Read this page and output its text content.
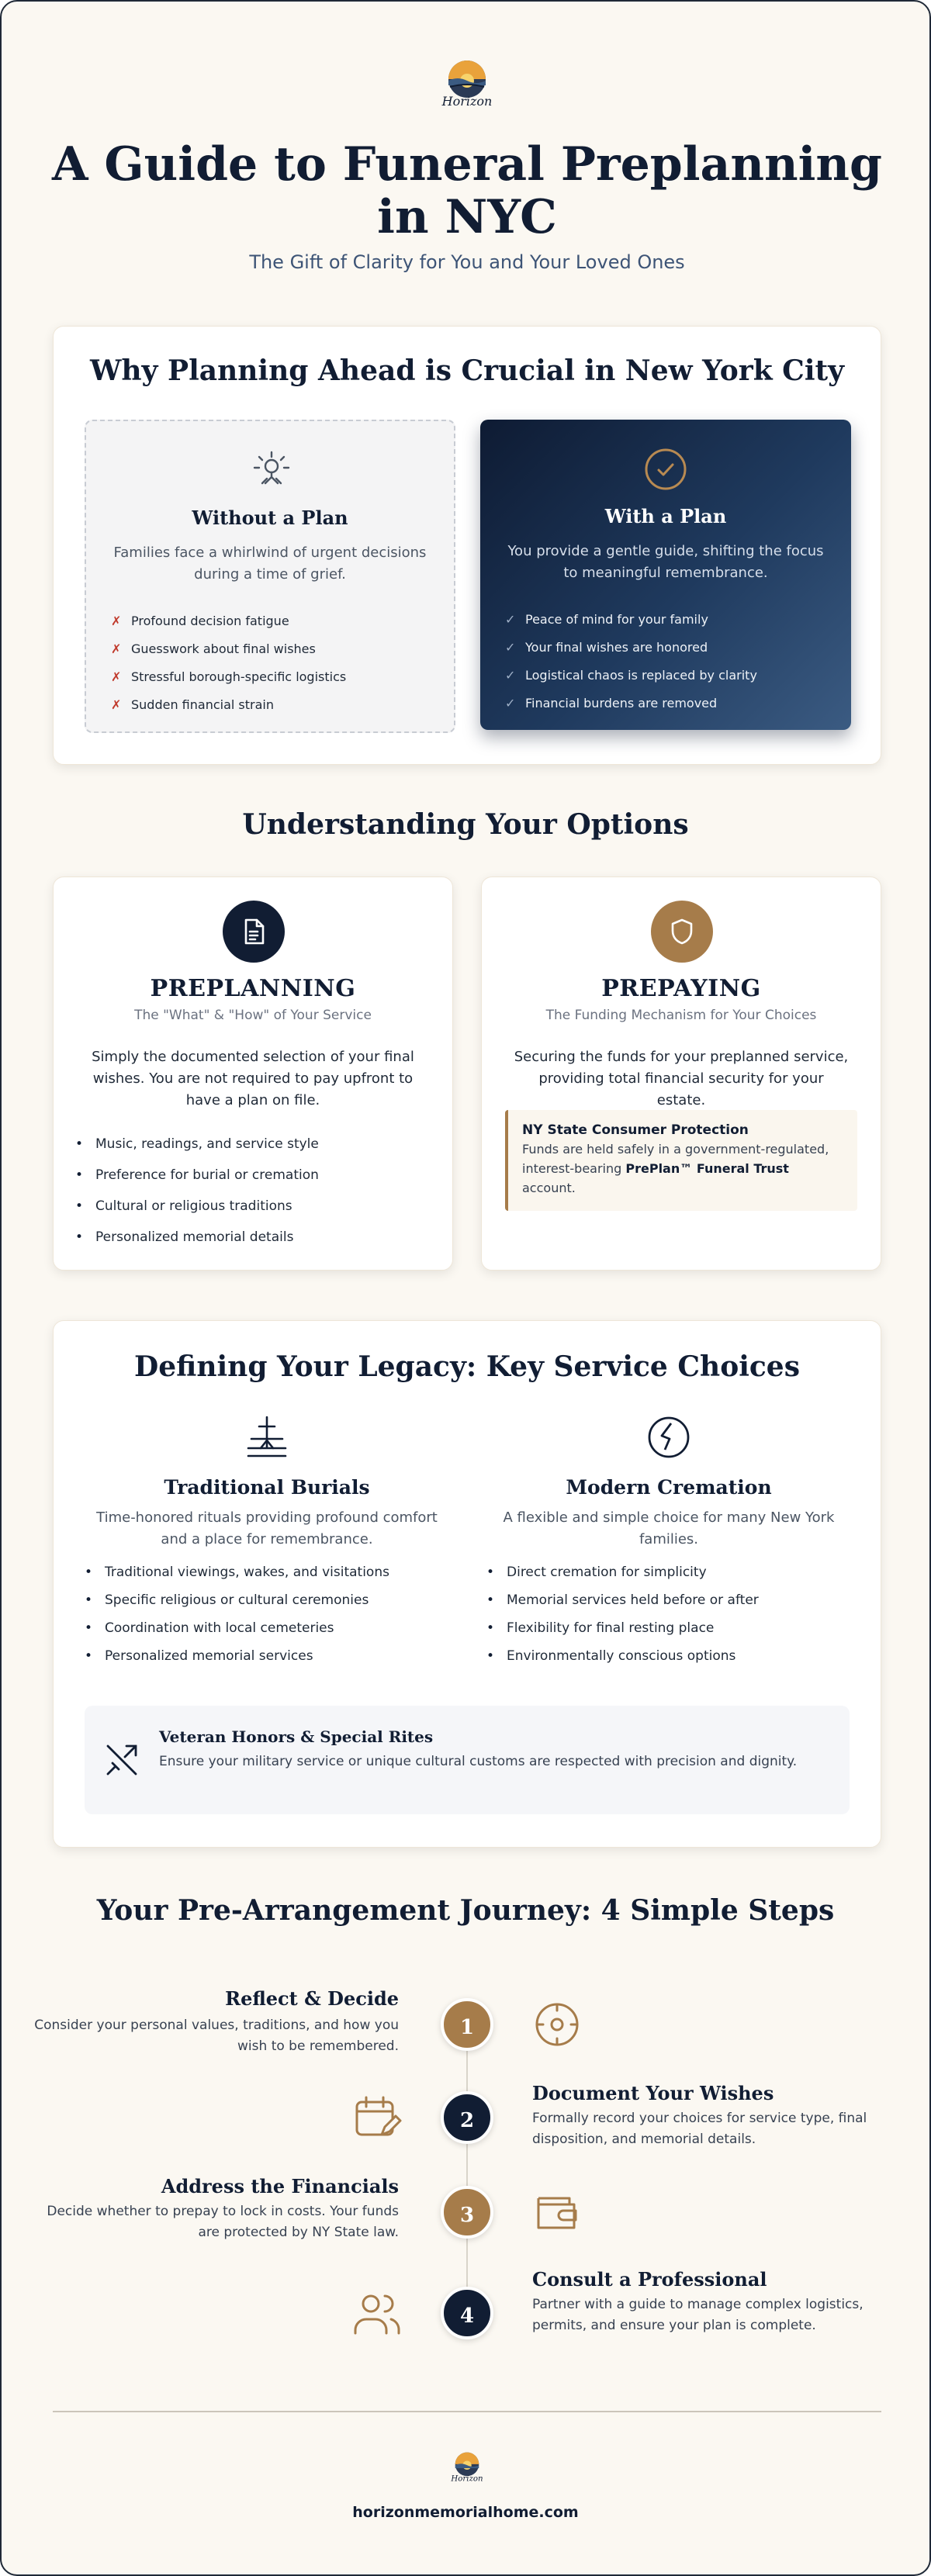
Horizon
A Guide to Funeral Preplanning in NYC
The Gift of Clarity for You and Your Loved Ones
Why Planning Ahead is Crucial in New York City
Without a Plan
Families face a whirlwind of urgent decisions during a time of grief.
✗ Profound decision fatigue
✗ Guesswork about final wishes
✗ Stressful borough-specific logistics
✗ Sudden financial strain
With a Plan
You provide a gentle guide, shifting the focus to meaningful remembrance.
✓ Peace of mind for your family
✓ Your final wishes are honored
✓ Logistical chaos is replaced by clarity
✓ Financial burdens are removed
Understanding Your Options
PREPLANNING
The "What" & "How" of Your Service
Simply the documented selection of your final wishes. You are not required to pay upfront to have a plan on file.
• Music, readings, and service style
• Preference for burial or cremation
• Cultural or religious traditions
• Personalized memorial details
PREPAYING
The Funding Mechanism for Your Choices
Securing the funds for your preplanned service, providing total financial security for your estate.
NY State Consumer Protection
Funds are held safely in a government-regulated, interest-bearing PrePlan™ Funeral Trust account.
Defining Your Legacy: Key Service Choices
Traditional Burials
Time-honored rituals providing profound comfort and a place for remembrance.
• Traditional viewings, wakes, and visitations
• Specific religious or cultural ceremonies
• Coordination with local cemeteries
• Personalized memorial services
Modern Cremation
A flexible and simple choice for many New York families.
• Direct cremation for simplicity
• Memorial services held before or after
• Flexibility for final resting place
• Environmentally conscious options
Veteran Honors & Special Rites
Ensure your military service or unique cultural customs are respected with precision and dignity.
Your Pre-Arrangement Journey: 4 Simple Steps
Reflect & Decide
Consider your personal values, traditions, and how you wish to be remembered.
1
2
Document Your Wishes
Formally record your choices for service type, final disposition, and memorial details.
Address the Financials
Decide whether to prepay to lock in costs. Your funds are protected by NY State law.
3
4
Consult a Professional
Partner with a guide to manage complex logistics, permits, and ensure your plan is complete.
Horizon
horizonmemorialhome.com
